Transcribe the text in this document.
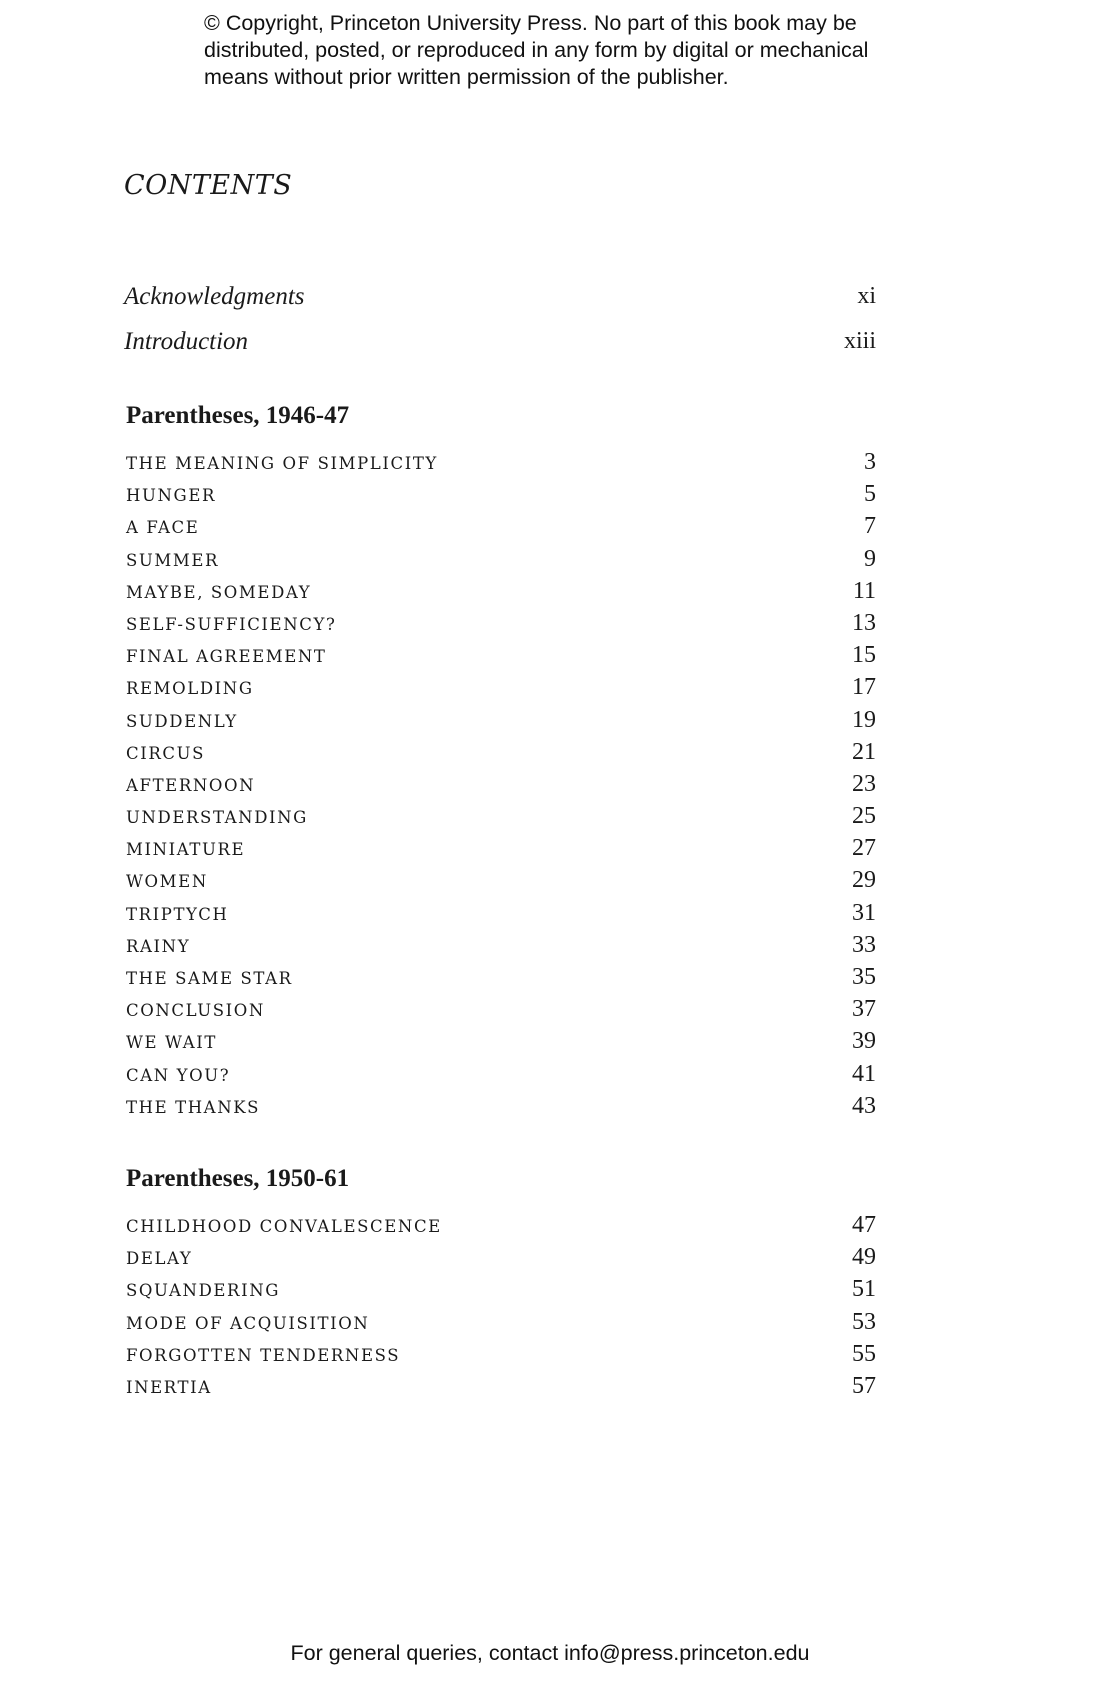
© Copyright, Princeton University Press. No part of this book may be distributed, posted, or reproduced in any form by digital or mechanical means without prior written permission of the publisher.
CONTENTS
Acknowledgments	xi
Introduction	xiii
Parentheses, 1946-47
THE MEANING OF SIMPLICITY	3
HUNGER	5
A FACE	7
SUMMER	9
MAYBE, SOMEDAY	11
SELF-SUFFICIENCY?	13
FINAL AGREEMENT	15
REMOLDING	17
SUDDENLY	19
CIRCUS	21
AFTERNOON	23
UNDERSTANDING	25
MINIATURE	27
WOMEN	29
TRIPTYCH	31
RAINY	33
THE SAME STAR	35
CONCLUSION	37
WE WAIT	39
CAN YOU?	41
THE THANKS	43
Parentheses, 1950-61
CHILDHOOD CONVALESCENCE	47
DELAY	49
SQUANDERING	51
MODE OF ACQUISITION	53
FORGOTTEN TENDERNESS	55
INERTIA	57
For general queries, contact info@press.princeton.edu
